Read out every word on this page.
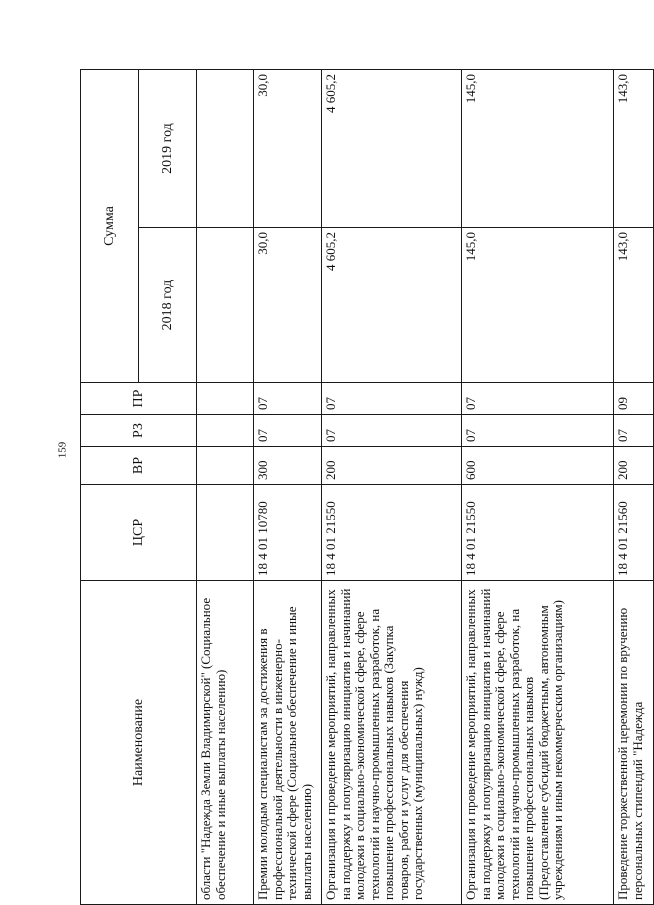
159
Наименование	ЦСР	ВР	РЗ	ПР	Сумма	
					2018 год	2019 год
области "Надежда Земли Владимирской" (Социальное обеспечение и иные выплаты населению)						
Премии молодым специалистам за достижения в профессиональной деятельности в инженерно-технической сфере (Социальное обеспечение и иные выплаты населению)	18 4 01 10780	300	07	07	30,0	30,0
Организация и проведение мероприятий, направленных на поддержку и популяризацию инициатив и начинаний молодежи в социально-экономической сфере, сфере технологий и научно-промышленных разработок, на повышение профессиональных навыков (Закупка товаров, работ и услуг для обеспечения государственных (муниципальных) нужд)	18 4 01 21550	200	07	07	4 605,2	4 605,2
Организация и проведение мероприятий, направленных на поддержку и популяризацию инициатив и начинаний молодежи в социально-экономической сфере, сфере технологий и научно-промышленных разработок, на повышение профессиональных навыков (Предоставление субсидий бюджетным, автономным учреждениям и иным некоммерческим организациям)	18 4 01 21550	600	07	07	145,0	145,0
Проведение торжественной церемонии по вручению персональных стипендий "Надежда	18 4 01 21560	200	07	09	143,0	143,0
